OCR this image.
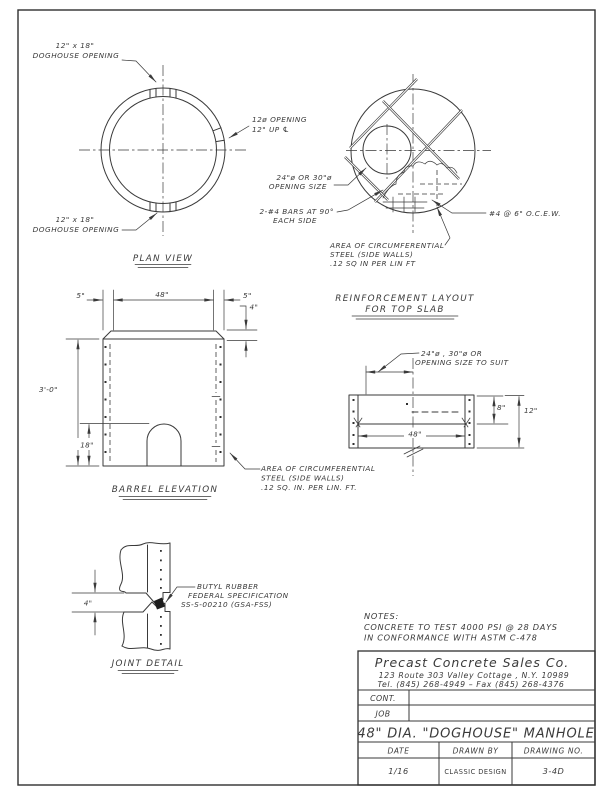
12" x 18"
DOGHOUSE OPENING
12ø OPENING
12" UP ℄
12" x 18"
DOGHOUSE OPENING
PLAN VIEW
24"ø OR 30"ø
OPENING SIZE
2-#4 BARS AT 90°
EACH SIDE
#4 @ 6" O.C.E.W.
AREA OF CIRCUMFERENTIAL
STEEL (SIDE WALLS)
.12 SQ IN PER LIN FT
REINFORCEMENT LAYOUT
FOR TOP SLAB
48"
5"	5"
4"
3'-0"
18"
AREA OF CIRCUMFERENTIAL
STEEL (SIDE WALLS)
.12 SQ. IN. PER LIN. FT.
BARREL ELEVATION
48"
24"ø , 30"ø OR
OPENING SIZE TO SUIT
8"	12"
4"
BUTYL RUBBER
FEDERAL SPECIFICATION
SS-S-00210 (GSA-FSS)
JOINT DETAIL
NOTES:
CONCRETE TO TEST 4000 PSI @ 28 DAYS
IN CONFORMANCE WITH ASTM C-478
Precast Concrete Sales Co.
123 Route 303 Valley Cottage , N.Y. 10989
Tel. (845) 268-4949 – Fax (845) 268-4376
CONT.
JOB
48" DIA. "DOGHOUSE" MANHOLE
DATE	DRAWN BY	DRAWING NO.
1/16	CLASSIC DESIGN	3-4D
